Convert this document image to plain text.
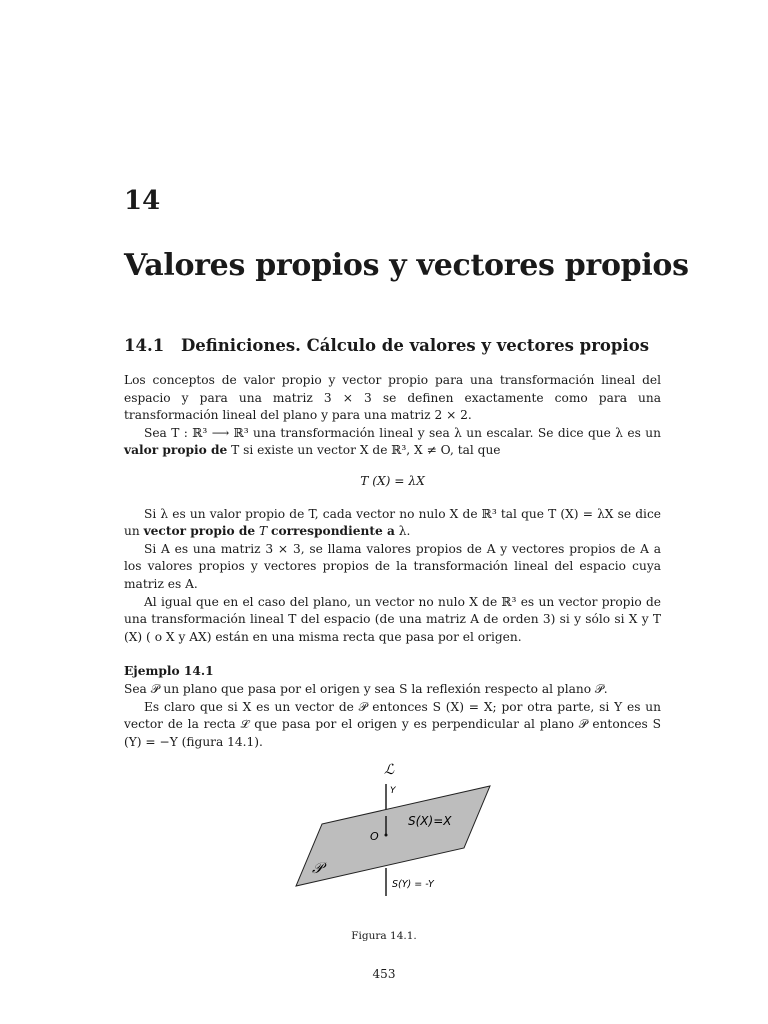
14
Valores propios y vectores propios
14.1 Definiciones. Cálculo de valores y vectores propios

Los conceptos de valor propio y vector propio para una transformación lineal del espacio y para una matriz 3 × 3 se definen exactamente como para una transformación lineal del plano y para una matriz 2 × 2.

Sea T : ℝ³ ⟶ ℝ³ una transformación lineal y sea λ un escalar. Se dice que λ es un valor propio de T si existe un vector X de ℝ³, X ≠ O, tal que

T (X) = λX

Si λ es un valor propio de T, cada vector no nulo X de ℝ³ tal que T (X) = λX se dice un vector propio de T correspondiente a λ.

Si A es una matriz 3 × 3, se llama valores propios de A y vectores propios de A a los valores propios y vectores propios de la transformación lineal del espacio cuya matriz es A.

Al igual que en el caso del plano, un vector no nulo X de ℝ³ es un vector propio de una transformación lineal T del espacio (de una matriz A de orden 3) si y sólo si X y T (X) ( o X y AX) están en una misma recta que pasa por el origen.

Ejemplo 14.1

Sea 𝒫 un plano que pasa por el origen y sea S la reflexión respecto al plano 𝒫.

Es claro que si X es un vector de 𝒫 entonces S (X) = X; por otra parte, si Y es un vector de la recta ℒ que pasa por el origen y es perpendicular al plano 𝒫 entonces S (Y) = −Y (figura 14.1).

ℒ
Y
O
S(X)=X
𝒫
S(Y) = -Y
Figura 14.1.
453
